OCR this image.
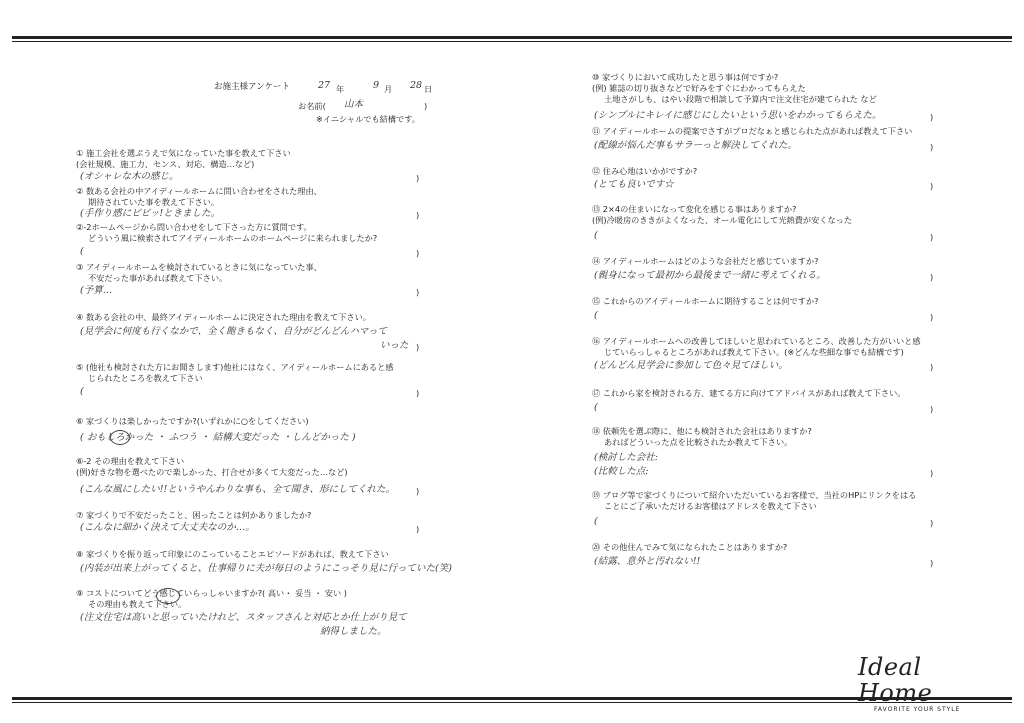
お施主様アンケート	27 年	9 月 28 日
お名前( 山本	)
※イニシャルでも結構です。
① 施工会社を選ぶうえで気になっていた事を教えて下さい
(会社規模、施工力、センス、対応、構造…など)
(オシャレな木の感じ。	)
② 数ある会社の中アイディールホームに問い合わせをされた理由、
期待されていた事を教えて下さい。
(手作り感にビビッ!ときました。	)
②-2ホームページから問い合わせをして下さった方に質問です。
どういう風に検索されてアイディールホームのホームページに来られましたか?
(	)
③ アイディールホームを検討されているときに気になっていた事、
不安だった事があれば教えて下さい。
(予算…	)
④ 数ある会社の中、最終アイディールホームに決定された理由を教えて下さい。
(見学会に何度も行くなかで、全く飽きもなく、自分がどんどんハマって
いった )
⑤ (他社も検討された方にお聞きします)他社にはなく、アイディールホームにあると感
じられたところを教えて下さい
(	)
⑥ 家づくりは楽しかったですか?(いずれかに○をしてください)
( おもしろかった ・ ふつう ・ 結構大変だった ・しんどかった )
⑥-2 その理由を教えて下さい
(例)好きな物を選べたので楽しかった、打合せが多くて大変だった…など)
(こんな風にしたい!!というやんわりな事も、全て聞き、形にしてくれた。	)
⑦ 家づくりで不安だったこと、困ったことは何かありましたか?
(こんなに細かく決えて大丈夫なのか…。	)
⑧ 家づくりを振り返って印象にのこっていることエピソードがあれば、教えて下さい
(内装が出来上がってくると、仕事帰りに夫が毎日のようにこっそり見に行っていた(笑)
⑨ コストについてどう感じていらっしゃいますか?( 高い・ 妥当 ・ 安い )
その理由も教えて下さい。
(注文住宅は高いと思っていたけれど、スタッフさんと対応とか仕上がり見て
納得しました。
⑩ 家づくりにおいて成功したと思う事は何ですか?
(例) 雑誌の切り抜きなどで好みをすぐにわかってもらえた
土地さがしも、はやい段階で相談して予算内で注文住宅が建てられた など
(シンプルにキレイに感じにしたいという思いをわかってもらえた。	)
⑪ アイディールホームの提案でさすがプロだなぁと感じられた点があれば教えて下さい
(配線が悩んだ事もサラーっと解決してくれた。	)
⑫ 住み心地はいかがですか?
(とても良いです☆	)
⑬ 2×4の住まいになって変化を感じる事はありますか?
(例)冷暖房のききがよくなった、オール電化にして光熱費が安くなった
(	)
⑭ アイディールホームはどのような会社だと感じていますか?
(親身になって最初から最後まで一緒に考えてくれる。	)
⑮ これからのアイディールホームに期待することは何ですか?
(	)
⑯ アイディールホームへの改善してほしいと思われているところ、改善した方がいいと感
じていらっしゃるところがあれば教えて下さい。(※どんな些細な事でも結構です)
(どんどん見学会に参加して色々見てほしい。	)
⑰ これから家を検討される方、建てる方に向けてアドバイスがあれば教えて下さい。
(	)
⑱ 依頼先を選ぶ際に、他にも検討された会社はありますか?
あればどういった点を比較されたか教えて下さい。
(検討した会社:
(比較した点:	)
⑲ ブログ等で家づくりについて紹介いただいているお客様で、当社のHPにリンクをはる
ことにご了承いただけるお客様はアドレスを教えて下さい
(	)
⑳ その他住んでみて気になられたことはありますか?
(結露、意外と汚れない!!	)
Ideal Home
FAVORITE YOUR STYLE
